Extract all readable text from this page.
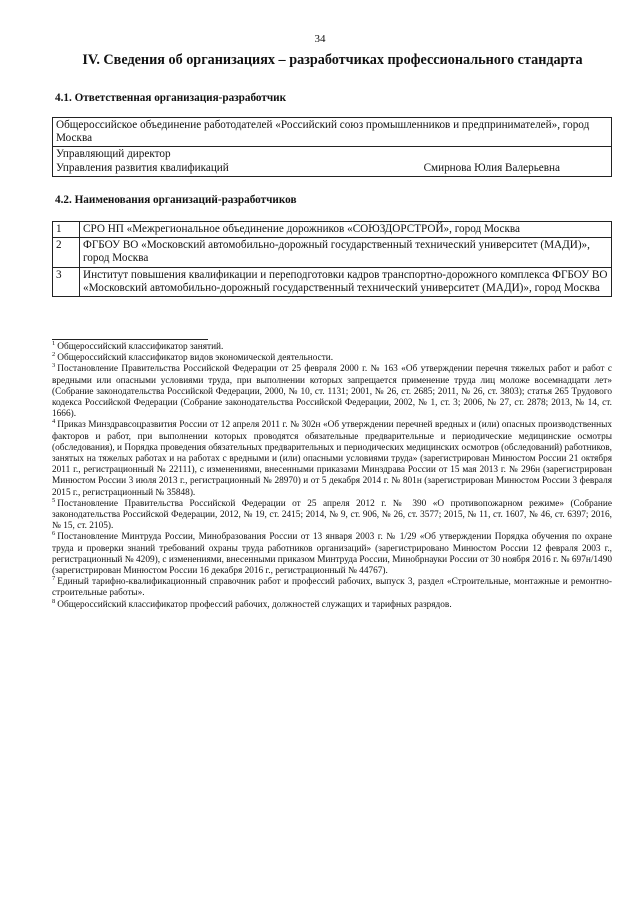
34
IV. Сведения об организациях – разработчиках профессионального стандарта
4.1. Ответственная организация-разработчик
Общероссийское объединение работодателей «Российский союз промышленников и предпринимателей», город Москва

Управляющий директор
Управления развития квалификаций	Смирнова Юлия Валерьевна
4.2. Наименования организаций-разработчиков
1	СРО НП «Межрегиональное объединение дорожников «СОЮЗДОРСТРОЙ», город Москва
2	ФГБОУ ВО «Московский автомобильно-дорожный государственный технический университет (МАДИ)», город Москва
3	Институт повышения квалификации и переподготовки кадров транспортно-дорожного комплекса ФГБОУ ВО «Московский автомобильно-дорожный государственный технический университет (МАДИ)», город Москва
$^1$ Общероссийский классификатор занятий.
$^2$ Общероссийский классификатор видов экономической деятельности.
$^3$ Постановление Правительства Российской Федерации от 25 февраля 2000 г. № 163 «Об утверждении перечня тяжелых работ и работ с вредными или опасными условиями труда, при выполнении которых запрещается применение труда лиц моложе восемнадцати лет» (Собрание законодательства Российской Федерации, 2000, № 10, ст. 1131; 2001, № 26, ст. 2685; 2011, № 26, ст. 3803); статья 265 Трудового кодекса Российской Федерации (Собрание законодательства Российской Федерации, 2002, № 1, ст. 3; 2006, № 27, ст. 2878; 2013, № 14, ст. 1666).
$^4$ Приказ Минздравсоцразвития России от 12 апреля 2011 г. № 302н «Об утверждении перечней вредных и (или) опасных производственных факторов и работ, при выполнении которых проводятся обязательные предварительные и периодические медицинские осмотры (обследования), и Порядка проведения обязательных предварительных и периодических медицинских осмотров (обследований) работников, занятых на тяжелых работах и на работах с вредными и (или) опасными условиями труда» (зарегистрирован Минюстом России 21 октября 2011 г., регистрационный № 22111), с изменениями, внесенными приказами Минздрава России от 15 мая 2013 г. № 296н (зарегистрирован Минюстом России 3 июля 2013 г., регистрационный № 28970) и от 5 декабря 2014 г. № 801н (зарегистрирован Минюстом России 3 февраля 2015 г., регистрационный № 35848).
$^5$ Постановление Правительства Российской Федерации от 25 апреля 2012 г. № 390 «О противопожарном режиме» (Собрание законодательства Российской Федерации, 2012, № 19, ст. 2415; 2014, № 9, ст. 906, № 26, ст. 3577; 2015, № 11, ст. 1607, № 46, ст. 6397; 2016, № 15, ст. 2105).
$^6$ Постановление Минтруда России, Минобразования России от 13 января 2003 г. № 1/29 «Об утверждении Порядка обучения по охране труда и проверки знаний требований охраны труда работников организаций» (зарегистрировано Минюстом России 12 февраля 2003 г., регистрационный № 4209), с изменениями, внесенными приказом Минтруда России, Минобрнауки России от 30 ноября 2016 г. № 697н/1490 (зарегистрирован Минюстом России 16 декабря 2016 г., регистрационный № 44767).
$^7$ Единый тарифно-квалификационный справочник работ и профессий рабочих, выпуск 3, раздел «Строительные, монтажные и ремонтно-строительные работы».
$^8$ Общероссийский классификатор профессий рабочих, должностей служащих и тарифных разрядов.
